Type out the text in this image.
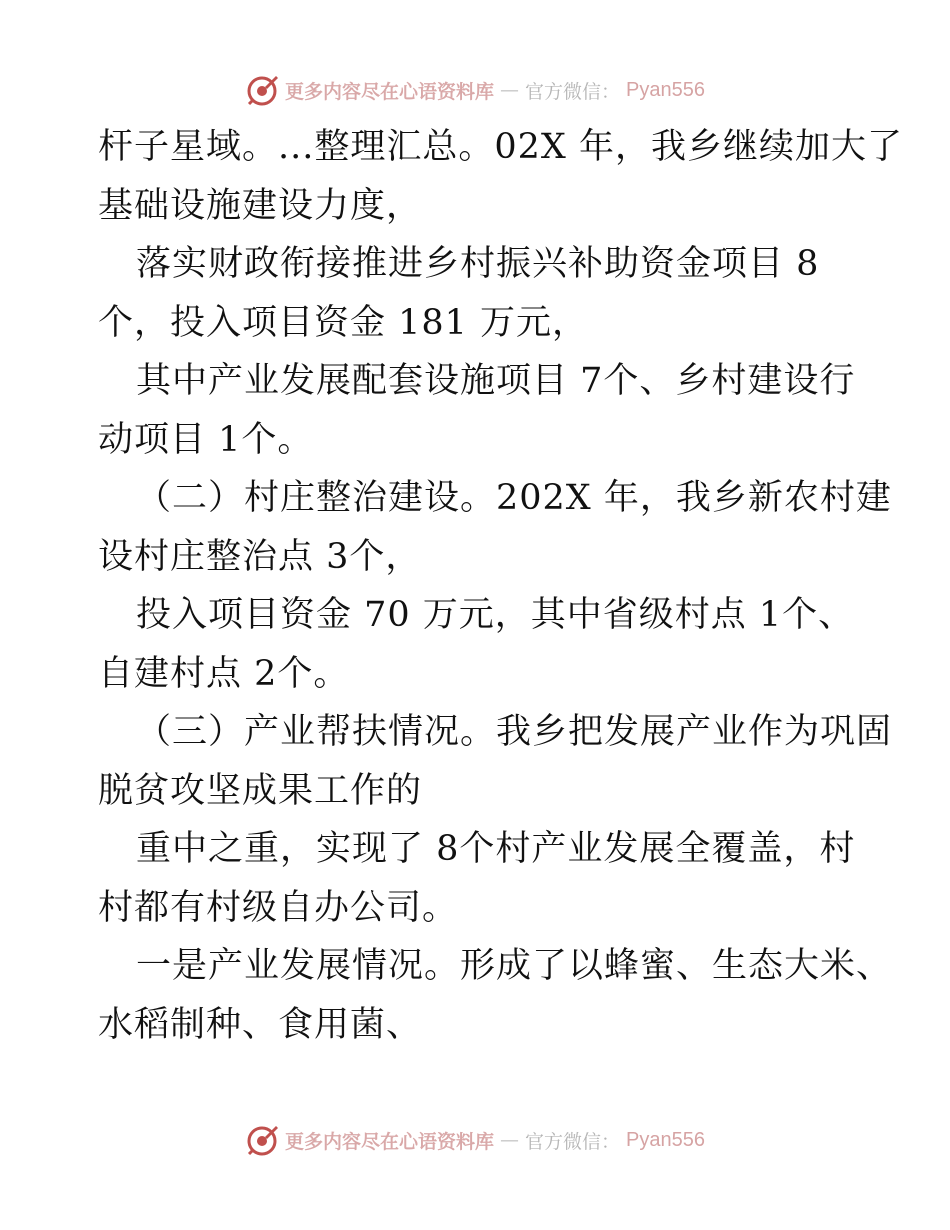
更多内容尽在心语资料库 — 官方微信： Pyan556
杆子星域。...整理汇总。02X 年，我乡继续加大了
基础设施建设力度，
落实财政衔接推进乡村振兴补助资金项目 8
个，投入项目资金 181 万元，
其中产业发展配套设施项目 7个、乡村建设行
动项目 1个。
（二）村庄整治建设。202X 年，我乡新农村建
设村庄整治点 3个，
投入项目资金 70 万元，其中省级村点 1个、
自建村点 2个。
（三）产业帮扶情况。我乡把发展产业作为巩固
脱贫攻坚成果工作的
重中之重，实现了 8个村产业发展全覆盖，村
村都有村级自办公司。
一是产业发展情况。形成了以蜂蜜、生态大米、
水稻制种、食用菌、
更多内容尽在心语资料库 — 官方微信： Pyan556
